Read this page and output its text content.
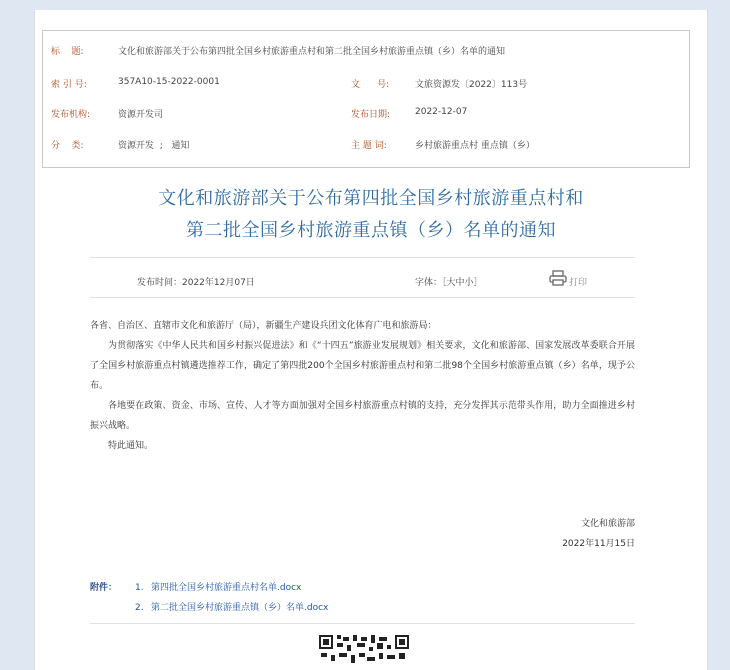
标    题:	文化和旅游部关于公布第四批全国乡村旅游重点村和第二批全国乡村旅游重点镇（乡）名单的通知
索 引 号:	357A10-15-2022-0001	文      号:	文旅资源发〔2022〕113号
发布机构:	资源开发司	发布日期:	2022-12-07
分    类:	资源开发  ;   通知	主 题 词:	乡村旅游重点村 重点镇（乡）
文化和旅游部关于公布第四批全国乡村旅游重点村和
第二批全国乡村旅游重点镇（乡）名单的通知
发布时间：2022年12月07日	字体：［大中小］	打印

各省、自治区、直辖市文化和旅游厅（局），新疆生产建设兵团文化体育广电和旅游局：

为贯彻落实《中华人民共和国乡村振兴促进法》和《“十四五”旅游业发展规划》相关要求，文化和旅游部、国家发展改革委联合开展了全国乡村旅游重点村镇遴选推荐工作，确定了第四批200个全国乡村旅游重点村和第二批98个全国乡村旅游重点镇（乡）名单，现予公布。

各地要在政策、资金、市场、宣传、人才等方面加强对全国乡村旅游重点村镇的支持，充分发挥其示范带头作用，助力全面推进乡村振兴战略。

特此通知。

文化和旅游部
2022年11月15日
附件： 1. 第四批全国乡村旅游重点村名单.docx
2. 第二批全国乡村旅游重点镇（乡）名单.docx
